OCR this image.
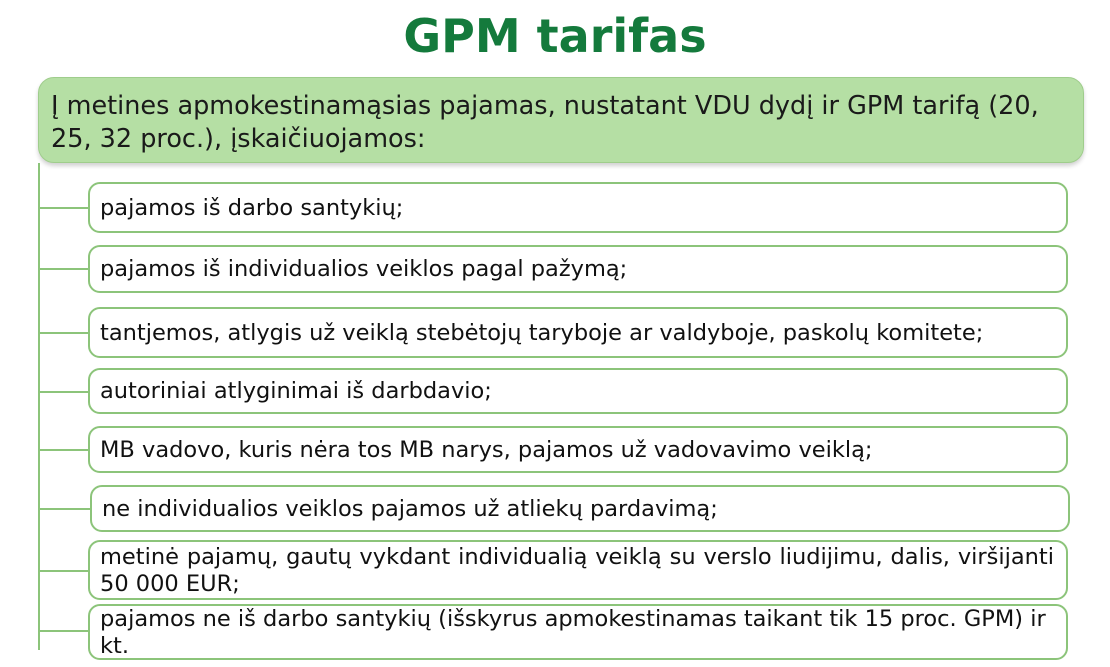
GPM tarifas
Į metines apmokestinamąsias pajamas, nustatant VDU dydį ir GPM tarifą (20, 25, 32 proc.), įskaičiuojamos:
pajamos iš darbo santykių;
pajamos iš individualios veiklos pagal pažymą;
tantjemos, atlygis už veiklą stebėtojų taryboje ar valdyboje, paskolų komitete;
autoriniai atlyginimai iš darbdavio;
MB vadovo, kuris nėra tos MB narys, pajamos už vadovavimo veiklą;
ne individualios veiklos pajamos už atliekų pardavimą;
metinė pajamų, gautų vykdant individualią veiklą su verslo liudijimu, dalis, viršijanti 50 000 EUR;
pajamos ne iš darbo santykių (išskyrus apmokestinamas taikant tik 15 proc. GPM) ir kt.
